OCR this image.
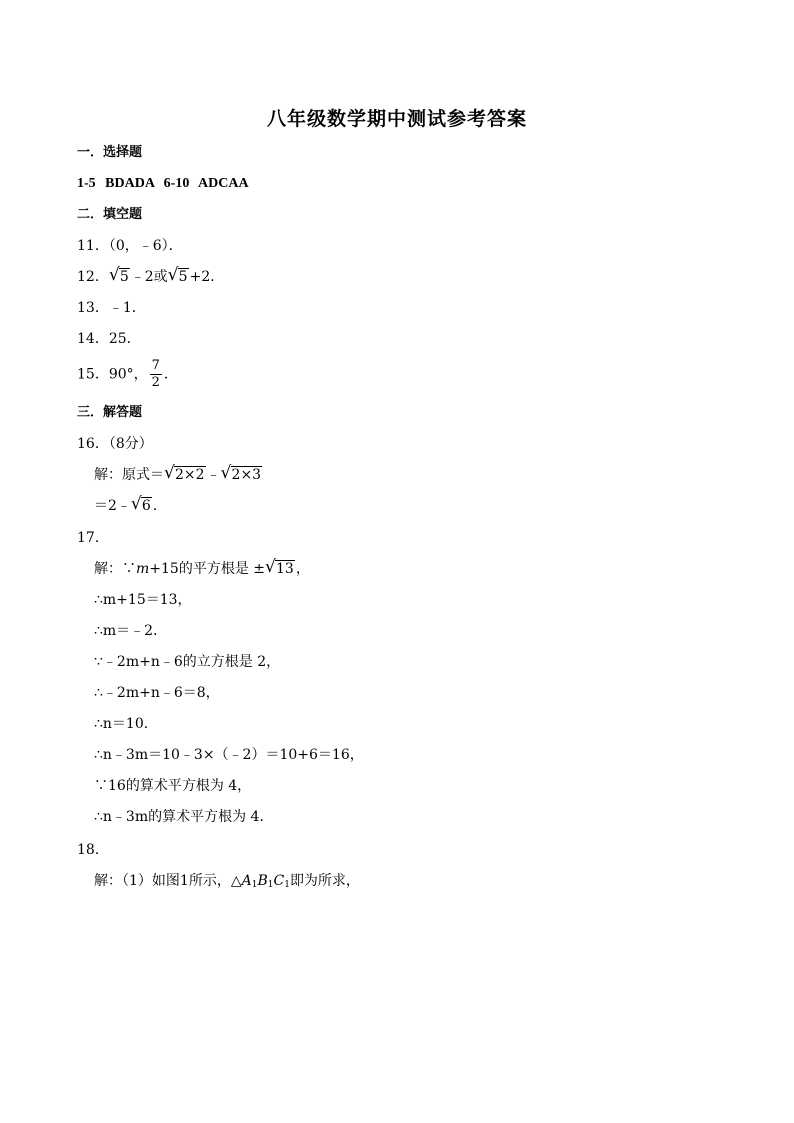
八年级数学期中测试参考答案
一．选择题
1-5 BDADA 6-10 ADCAA
二．填空题
11．（0，﹣6）．
12． √ 5 ﹣2或 √ 5 +2．
13．﹣1．
14．25．
15．90°， $\frac{7}{2}$ ．
三．解答题
16．（8分）
解：原式＝ √ 2×2 ﹣ √ 2×3
＝2﹣ √ 6 ．
17．
解：∵m+15的平方根是 ± √ 13 ，
∴m+15＝13，
∴m＝﹣2．
∵﹣2m+n﹣6的立方根是 2，
∴﹣2m+n﹣6＝8，
∴n＝10．
∴n﹣3m＝10﹣3×（﹣2）＝10+6＝16，
∵16的算术平方根为 4，
∴n﹣3m的算术平方根为 4．
18．
解：（1）如图1所示，$\triangle A_1B_1C_1$即为所求，
